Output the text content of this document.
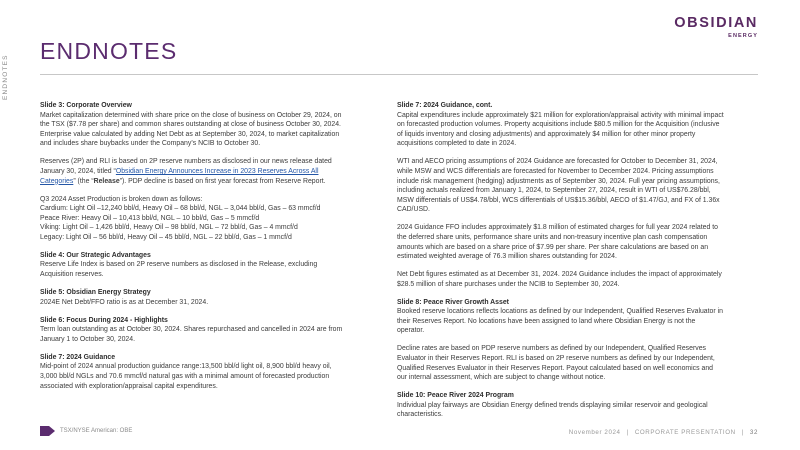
ENDNOTES
OBSIDIAN
ENERGY
ENDNOTES
Slide 3: Corporate Overview
Market capitalization determined with share price on the close of business on October 29, 2024, on
the TSX ($7.78 per share) and common shares outstanding at close of business October 30, 2024.
Enterprise value calculated by adding Net Debt as at September 30, 2024, to market capitalization
and includes share buybacks under the Company’s NCIB to October 30.
Reserves (2P) and RLI is based on 2P reserve numbers as disclosed in our news release dated
January 30, 2024, titled “Obsidian Energy Announces Increase in 2023 Reserves Across All
Categories” (the “Release”). PDP decline is based on first year forecast from Reserve Report.
Q3 2024 Asset Production is broken down as follows:
Cardium: Light Oil –12,240 bbl/d, Heavy Oil – 68 bbl/d, NGL – 3,044 bbl/d, Gas – 63 mmcf/d
Peace River: Heavy Oil – 10,413 bbl/d, NGL – 10 bbl/d, Gas – 5 mmcf/d
Viking: Light Oil – 1,426 bbl/d, Heavy Oil – 98 bbl/d, NGL – 72 bbl/d, Gas – 4 mmcf/d
Legacy: Light Oil – 56 bbl/d, Heavy Oil – 45 bbl/d, NGL – 22 bbl/d, Gas – 1 mmcf/d
Slide 4: Our Strategic Advantages
Reserve Life Index is based on 2P reserve numbers as disclosed in the Release, excluding
Acquisition reserves.
Slide 5: Obsidian Energy Strategy
2024E Net Debt/FFO ratio is as at December 31, 2024.
Slide 6: Focus During 2024 - Highlights
Term loan outstanding as at October 30, 2024. Shares repurchased and cancelled in 2024 are from
January 1 to October 30, 2024.
Slide 7: 2024 Guidance
Mid-point of 2024 annual production guidance range:13,500 bbl/d light oil, 8,900 bbl/d heavy oil,
3,000 bbl/d NGLs and 70.6 mmcf/d natural gas with a minimal amount of forecasted production
associated with exploration/appraisal capital expenditures.
Slide 7: 2024 Guidance, cont.
Capital expenditures include approximately $21 million for exploration/appraisal activity with minimal impact
on forecasted production volumes. Property acquisitions include $80.5 million for the Acquisition (inclusive
of liquids inventory and closing adjustments) and approximately $4 million for other minor property
acquisitions completed to date in 2024.
WTI and AECO pricing assumptions of 2024 Guidance are forecasted for October to December 31, 2024,
while MSW and WCS differentials are forecasted for November to December 2024. Pricing assumptions
include risk management (hedging) adjustments as of September 30, 2024. Full year pricing assumptions,
including actuals realized from January 1, 2024, to September 27, 2024, result in WTI of US$76.28/bbl,
MSW differentials of US$4.78/bbl, WCS differentials of US$15.36/bbl, AECO of $1.47/GJ, and FX of 1.36x
CAD/USD.
2024 Guidance FFO includes approximately $1.8 million of estimated charges for full year 2024 related to
the deferred share units, performance share units and non-treasury incentive plan cash compensation
amounts which are based on a share price of $7.99 per share. Per share calculations are based on an
estimated weighted average of 76.3 million shares outstanding for 2024.
Net Debt figures estimated as at December 31, 2024. 2024 Guidance includes the impact of approximately
$28.5 million of share purchases under the NCIB to September 30, 2024.
Slide 8: Peace River Growth Asset
Booked reserve locations reflects locations as defined by our Independent, Qualified Reserves Evaluator in
their Reserves Report. No locations have been assigned to land where Obsidian Energy is not the
operator.
Decline rates are based on PDP reserve numbers as defined by our Independent, Qualified Reserves
Evaluator in their Reserves Report. RLI is based on 2P reserve numbers as defined by our Independent,
Qualified Reserves Evaluator in their Reserves Report. Payout calculated based on well economics and
our internal assessment, which are subject to change without notice.
Slide 10: Peace River 2024 Program
Individual play fairways are Obsidian Energy defined trends displaying similar reservoir and geological
characteristics.
TSX/NYSE American: OBE	November 2024 | CORPORATE PRESENTATION | 32
